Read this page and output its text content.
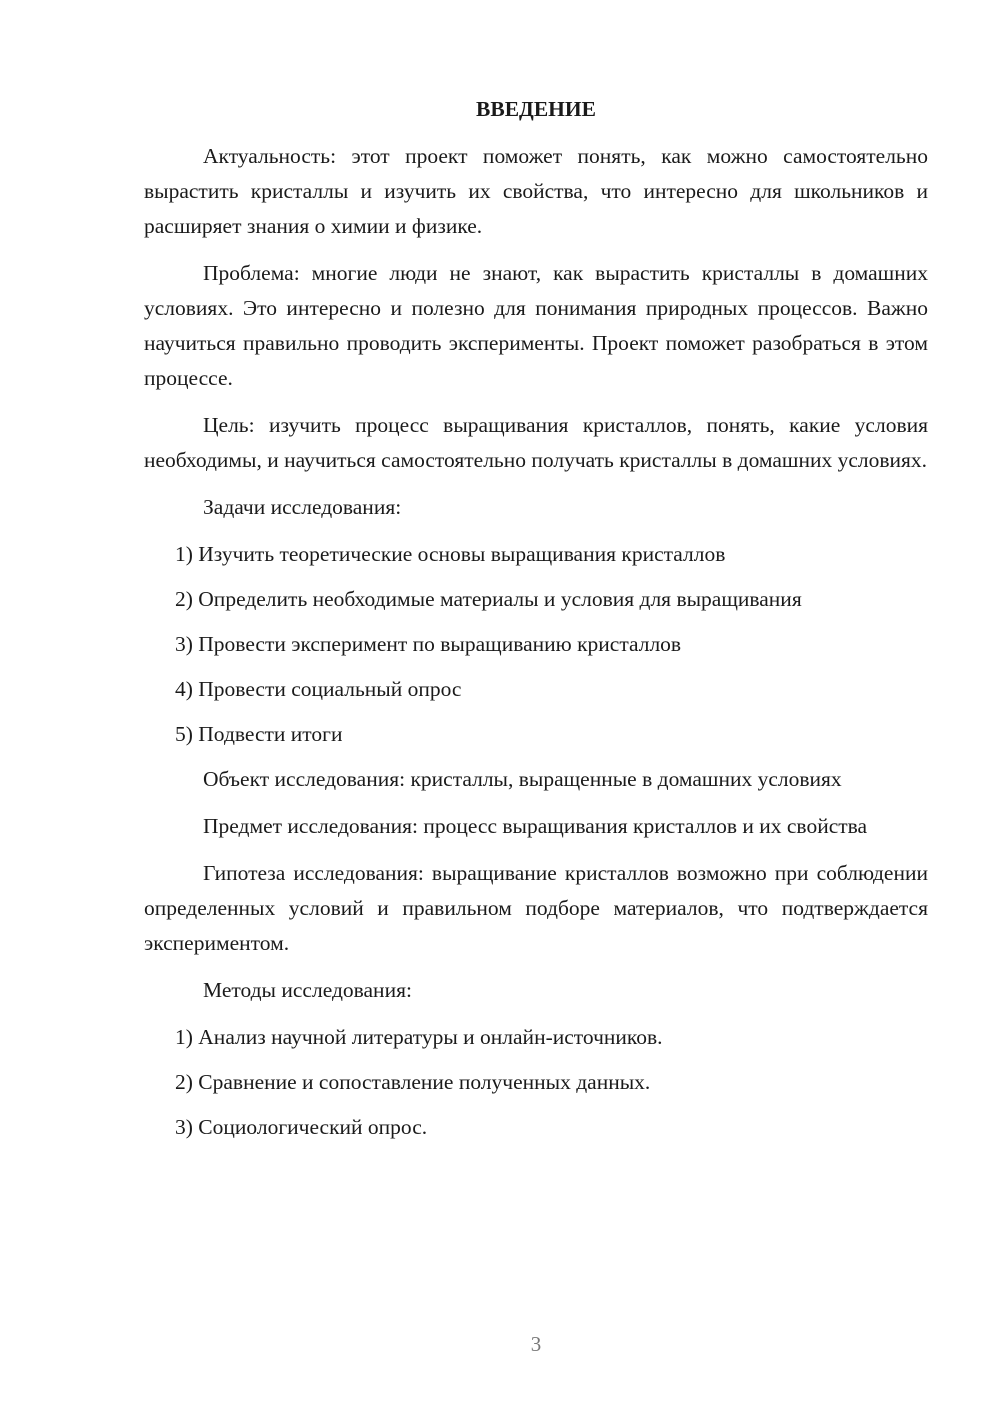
ВВЕДЕНИЕ

Актуальность: этот проект поможет понять, как можно самостоятельно вырастить кристаллы и изучить их свойства, что интересно для школьников и расширяет знания о химии и физике.

Проблема: многие люди не знают, как вырастить кристаллы в домашних условиях. Это интересно и полезно для понимания природных процессов. Важно научиться правильно проводить эксперименты. Проект поможет разобраться в этом процессе.

Цель: изучить процесс выращивания кристаллов, понять, какие условия необходимы, и научиться самостоятельно получать кристаллы в домашних условиях.

Задачи исследования:

1) Изучить теоретические основы выращивания кристаллов

2) Определить необходимые материалы и условия для выращивания

3) Провести эксперимент по выращиванию кристаллов

4) Провести социальный опрос

5) Подвести итоги

Объект исследования: кристаллы, выращенные в домашних условиях

Предмет исследования: процесс выращивания кристаллов и их свойства

Гипотеза исследования: выращивание кристаллов возможно при соблюдении определенных условий и правильном подборе материалов, что подтверждается экспериментом.

Методы исследования:

1) Анализ научной литературы и онлайн-источников.

2) Сравнение и сопоставление полученных данных.

3) Социологический опрос.

3
